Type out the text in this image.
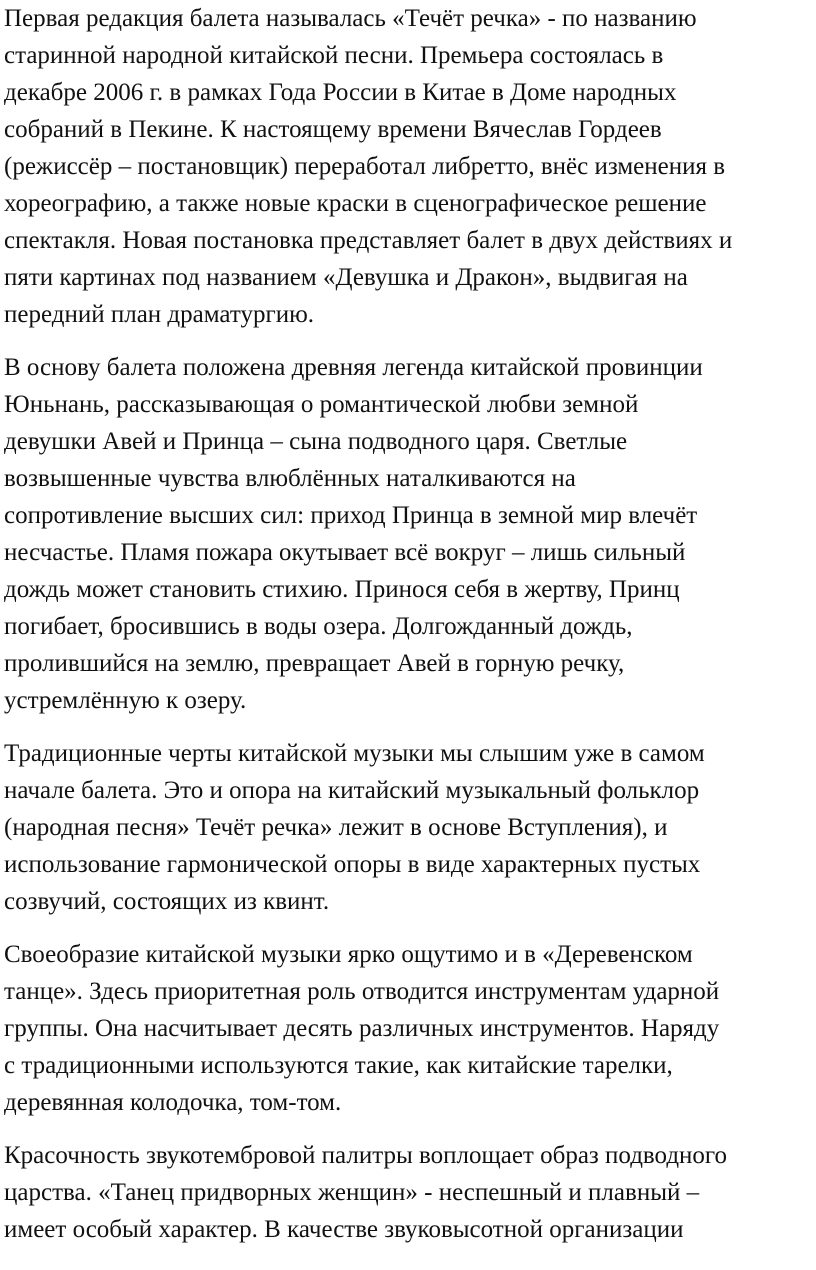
Первая редакция балета называлась «Течёт речка» - по названию
старинной народной китайской песни. Премьера состоялась в
декабре 2006 г. в рамках Года России в Китае в Доме народных
собраний в Пекине. К настоящему времени Вячеслав Гордеев
(режиссёр – постановщик) переработал либретто, внёс изменения в
хореографию, а также новые краски в сценографическое решение
спектакля. Новая постановка представляет балет в двух действиях и
пяти картинах под названием «Девушка и Дракон», выдвигая на
передний план драматургию.

В основу балета положена древняя легенда китайской провинции
Юньнань, рассказывающая о романтической любви земной
девушки Авей и Принца – сына подводного царя. Светлые
возвышенные чувства влюблённых наталкиваются на
сопротивление высших сил: приход Принца в земной мир влечёт
несчастье. Пламя пожара окутывает всё вокруг – лишь сильный
дождь может становить стихию. Принося себя в жертву, Принц
погибает, бросившись в воды озера. Долгожданный дождь,
пролившийся на землю, превращает Авей в горную речку,
устремлённую к озеру.

Традиционные черты китайской музыки мы слышим уже в самом
начале балета. Это и опора на китайский музыкальный фольклор
(народная песня» Течёт речка» лежит в основе Вступления), и
использование гармонической опоры в виде характерных пустых
созвучий, состоящих из квинт.

Своеобразие китайской музыки ярко ощутимо и в «Деревенском
танце». Здесь приоритетная роль отводится инструментам ударной
группы. Она насчитывает десять различных инструментов. Наряду
с традиционными используются такие, как китайские тарелки,
деревянная колодочка, том-том.

Красочность звукотембровой палитры воплощает образ подводного
царства. «Танец придворных женщин» - неспешный и плавный –
имеет особый характер. В качестве звуковысотной организации
